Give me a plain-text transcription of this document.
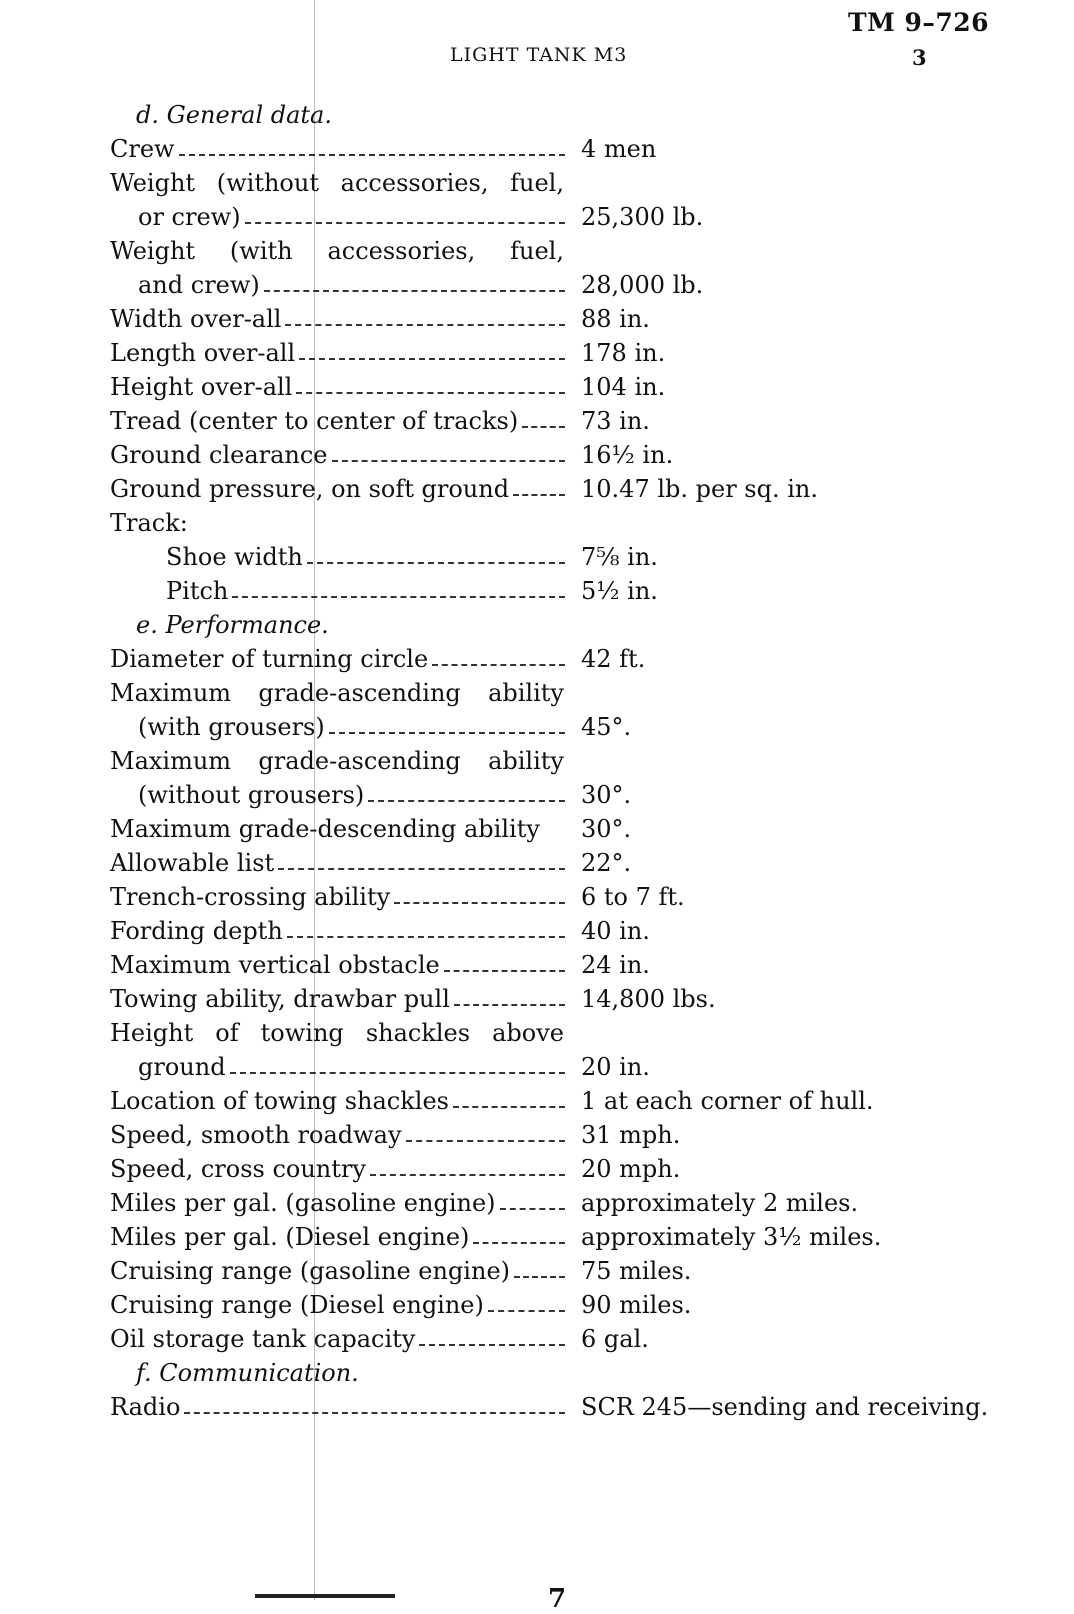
LIGHT TANK M3
TM 9–726
3
d. General data.
Crew	4 men
Weight (without accessories, fuel,
or crew)	25,300 lb.
Weight (with accessories, fuel,
and crew)	28,000 lb.
Width over-all	88 in.
Length over-all	178 in.
Height over-all	104 in.
Tread (center to center of tracks)	73 in.
Ground clearance	16½ in.
Ground pressure, on soft ground	10.47 lb. per sq. in.
Track:
Shoe width	7⅝ in.
Pitch	5½ in.
e. Performance.
Diameter of turning circle	42 ft.
Maximum grade-ascending ability
(with grousers)	45°.
Maximum grade-ascending ability
(without grousers)	30°.
Maximum grade-descending ability 30°.
Allowable list	22°.
Trench-crossing ability	6 to 7 ft.
Fording depth	40 in.
Maximum vertical obstacle	24 in.
Towing ability, drawbar pull	14,800 lbs.
Height of towing shackles above
ground	20 in.
Location of towing shackles	1 at each corner of hull.
Speed, smooth roadway	31 mph.
Speed, cross country	20 mph.
Miles per gal. (gasoline engine)	approximately 2 miles.
Miles per gal. (Diesel engine)	approximately 3½ miles.
Cruising range (gasoline engine)	75 miles.
Cruising range (Diesel engine)	90 miles.
Oil storage tank capacity	6 gal.
f. Communication.
Radio	SCR 245—sending and receiving.
7
